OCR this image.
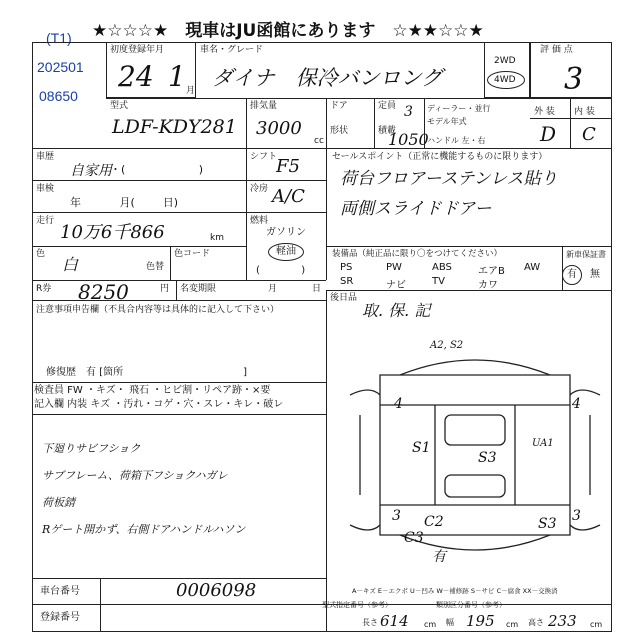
★☆☆☆★　現車はJU函館にあります　☆★★☆☆★
(T1)
202501
08650
初度登録年月
24 1 月
車名・グレード
ダイナ　保冷バンロング
2WD
4WD
評 価 点
3
型式
LDF-KDY281
排気量
3000
cc
ドア
形状
定員 3
積載
1050
ディーラー・並行
モデル年式
ハンドル 左・右
外 装 内 装
D C
車歴
自家用
・(                     )
シフト
F5
車検
年           月(        日)
冷房 A/C
走行
10万6千866	km
燃料
ガソリン
軽油
色
白	色替
色コード
(             )
セールスポイント（正常に機能するものに限ります）
荷台フロアーステンレス貼り
両側スライドドアー
装備品（純正品に限り〇をつけてください）	新車保証書
PS	PW	ABS	エアB AW
SR	ナビ	TV	カワ
有 無
R券 8250	円 名変期限	月	日
後日品
取. 保. 記
注意事項申告欄（不具合内容等は具体的に記入して下さい）
修復歴　有 [箇所　　　　　　　　　　　　]
検査員 FW ・キズ・ 飛石 ・ヒビ割・リペア跡・×要
記入欄 内装 キズ ・汚れ・コゲ・穴・スレ・キレ・破レ
下廻りサビフショク
サブフレーム、荷箱下フショクハガレ
荷板錆
Rゲート開かず、右側ドアハンドルハソン
A2, S2
4	4
S1
S3
UA1
3 C2
C3
S3 3
有
A－キズ E－エクボ U－凹み W－補修跡 S－サビ C－腐食 XX－交換済
車台番号	0006098
登録番号
型式指定番号（参考）	類別区分番号（参考）
長さ 614 cm 幅 195 cm 高さ 233 cm
